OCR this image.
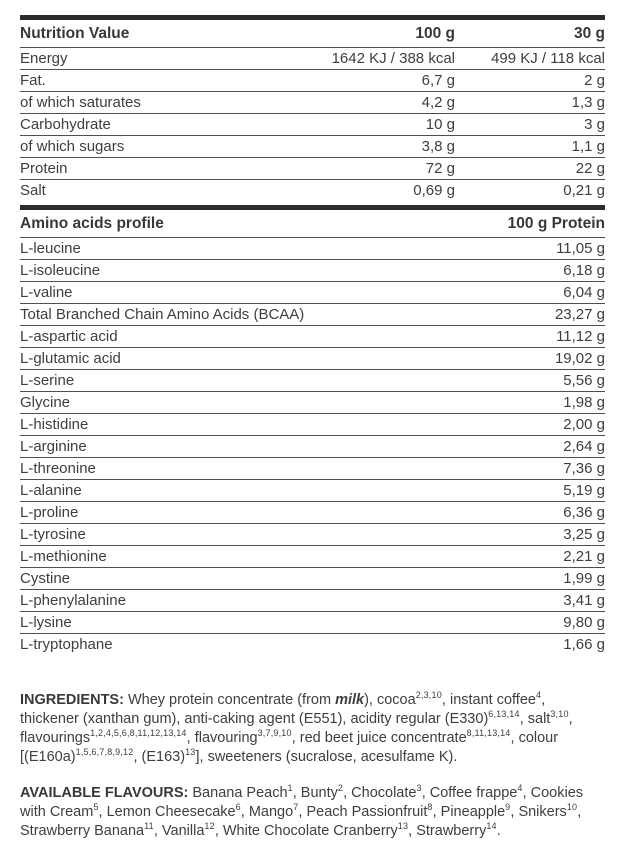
Nutrition Value	100 g	30 g
Energy	1642 KJ / 388 kcal	499 KJ / 118 kcal
Fat.	6,7 g	2 g
of which saturates	4,2 g	1,3 g
Carbohydrate	10 g	3 g
of which sugars	3,8 g	1,1 g
Protein	72 g	22 g
Salt	0,69 g	0,21 g
Amino acids profile	100 g Protein
L-leucine	11,05 g
L-isoleucine	6,18 g
L-valine	6,04 g
Total Branched Chain Amino Acids (BCAA)	23,27 g
L-aspartic acid	11,12 g
L-glutamic acid	19,02 g
L-serine	5,56 g
Glycine	1,98 g
L-histidine	2,00 g
L-arginine	2,64 g
L-threonine	7,36 g
L-alanine	5,19 g
L-proline	6,36 g
L-tyrosine	3,25 g
L-methionine	2,21 g
Cystine	1,99 g
L-phenylalanine	3,41 g
L-lysine	9,80 g
L-tryptophane	1,66 g

INGREDIENTS: Whey protein concentrate (from milk), cocoa$^{2,3,10}$, instant coffee$^4$, thickener (xanthan gum), anti-caking agent (E551), acidity regular $(E330)^{6,13,14}$, salt$^{3,10}$, flavourings$^{1,2,4,5,6,8,11,12,13,14}$, flavouring$^{3,7,9,10}$, red beet juice concentrate$^{8,11,13,14}$, colour [$(E160a)^{1,5,6,7,8,9,12}$, $(E163)^{13}$], sweeteners (sucralose, acesulfame K).

AVAILABLE FLAVOURS: Banana Peach$^1$, Bunty$^2$, Chocolate$^3$, Coffee frappe$^4$, Cookies with Cream$^5$, Lemon Cheesecake$^6$, Mango$^7$, Peach Passionfruit$^8$, Pineapple$^9$, Snikers$^{10}$, Strawberry Banana$^{11}$, Vanilla$^{12}$, White Chocolate Cranberry$^{13}$, Strawberry$^{14}$.
